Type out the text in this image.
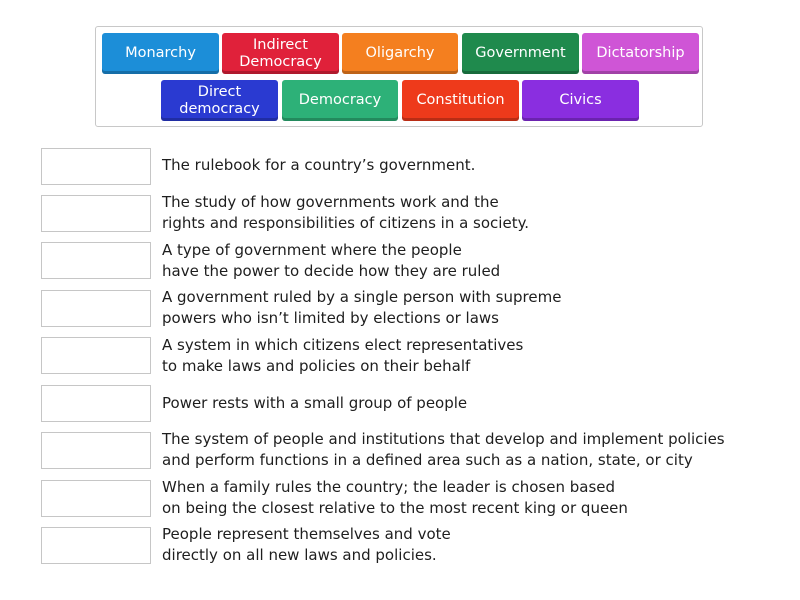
Monarchy
Indirect
Democracy
Oligarchy	Government	Dictatorship
Direct
democracy
Democracy	Constitution	Civics
The rulebook for a country’s government.
The study of how governments work and the
rights and responsibilities of citizens in a society.
A type of government where the people
have the power to decide how they are ruled
A government ruled by a single person with supreme
powers who isn’t limited by elections or laws
A system in which citizens elect representatives
to make laws and policies on their behalf
Power rests with a small group of people
The system of people and institutions that develop and implement policies
and perform functions in a defined area such as a nation, state, or city
When a family rules the country; the leader is chosen based
on being the closest relative to the most recent king or queen
People represent themselves and vote
directly on all new laws and policies.
